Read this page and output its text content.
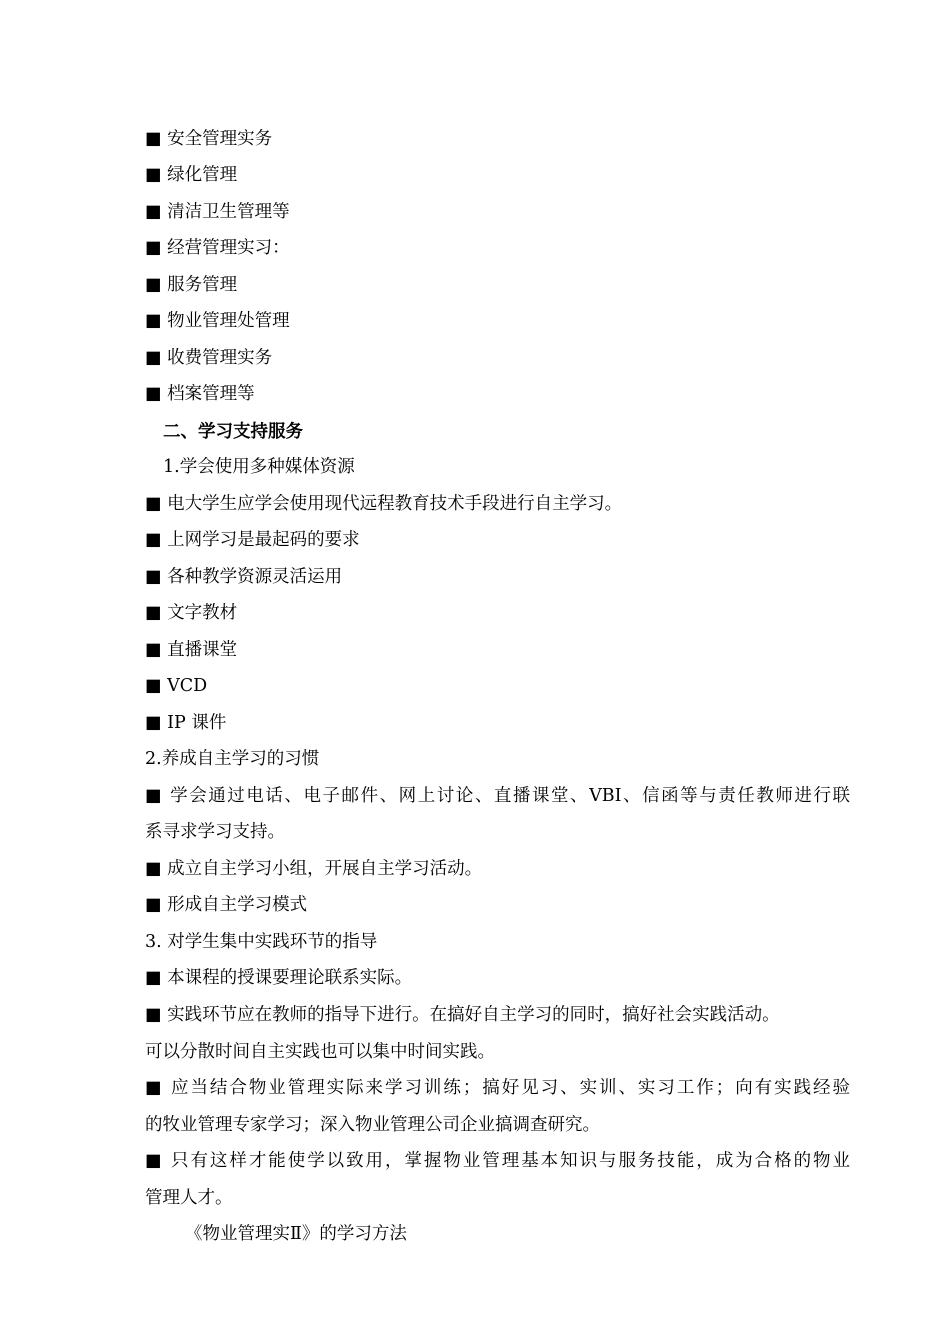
■ 安全管理实务
■ 绿化管理
■ 清洁卫生管理等
■ 经营管理实习：
■ 服务管理
■ 物业管理处管理
■ 收费管理实务
■ 档案管理等
二、学习支持服务
1.学会使用多种媒体资源
■ 电大学生应学会使用现代远程教育技术手段进行自主学习。
■ 上网学习是最起码的要求
■ 各种教学资源灵活运用
■ 文字教材
■ 直播课堂
■ VCD
■ IP 课件
2.养成自主学习的习惯
■ 学会通过电话、电子邮件、网上讨论、直播课堂、VBI、信函等与责任教师进行联
系寻求学习支持。
■ 成立自主学习小组，开展自主学习活动。
■ 形成自主学习模式
3. 对学生集中实践环节的指导
■ 本课程的授课要理论联系实际。
■ 实践环节应在教师的指导下进行。在搞好自主学习的同时，搞好社会实践活动。
可以分散时间自主实践也可以集中时间实践。
■ 应当结合物业管理实际来学习训练；搞好见习、实训、实习工作；向有实践经验
的牧业管理专家学习；深入物业管理公司企业搞调查研究。
■ 只有这样才能使学以致用，掌握物业管理基本知识与服务技能，成为合格的物业
管理人才。
《物业管理实Ⅱ》的学习方法
